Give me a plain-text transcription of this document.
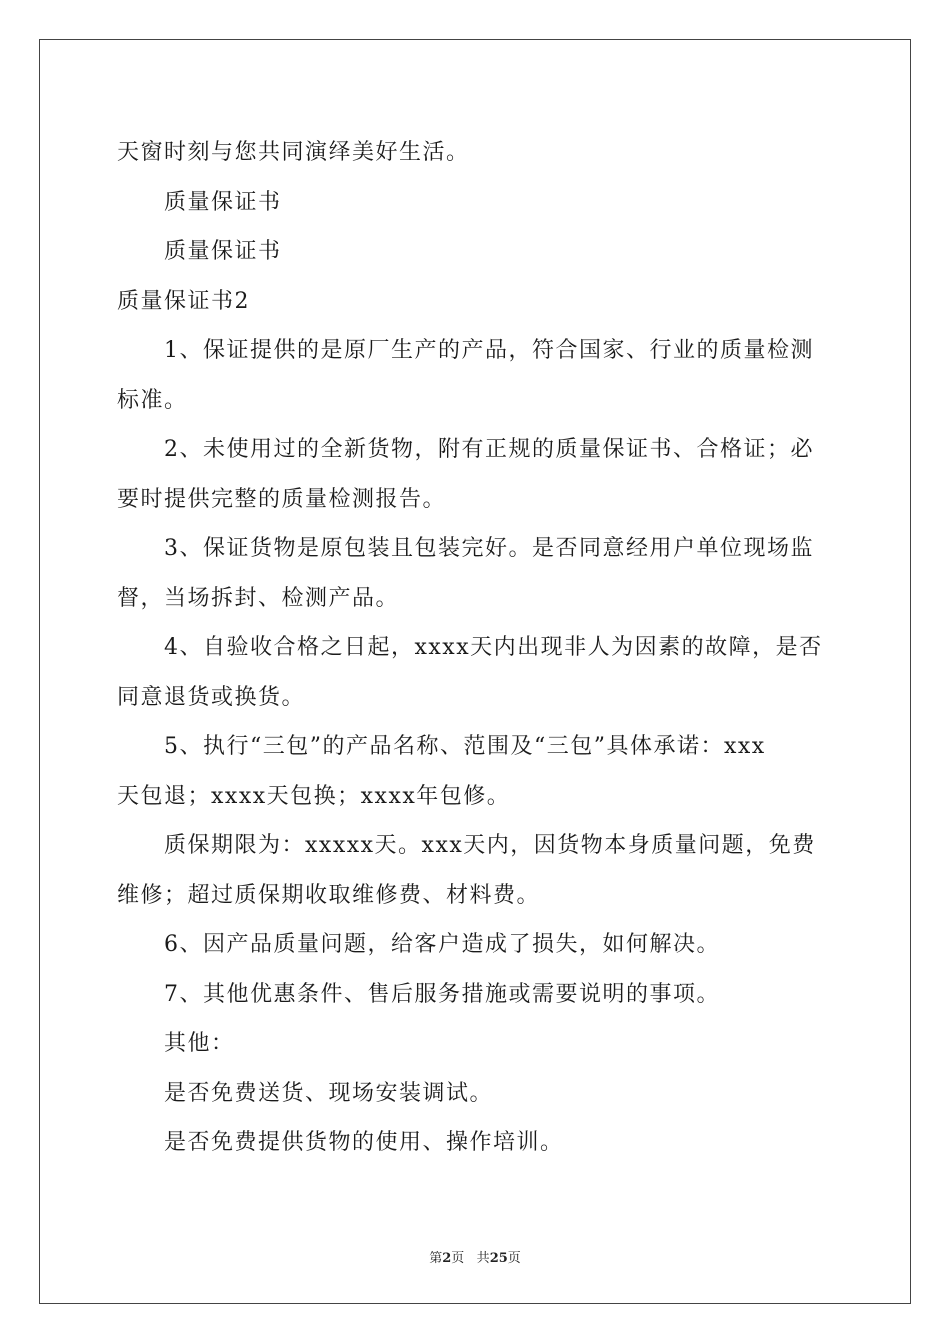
天窗时刻与您共同演绎美好生活。

质量保证书

质量保证书

质量保证书2

1、保证提供的是原厂生产的产品，符合国家、行业的质量检测

标准。

2、未使用过的全新货物，附有正规的质量保证书、合格证；必

要时提供完整的质量检测报告。

3、保证货物是原包装且包装完好。是否同意经用户单位现场监

督，当场拆封、检测产品。

4、自验收合格之日起，xxxx天内出现非人为因素的故障，是否

同意退货或换货。

5、执行“三包”的产品名称、范围及“三包”具体承诺：xxx

天包退；xxxx天包换；xxxx年包修。

质保期限为：xxxxx天。xxx天内，因货物本身质量问题，免费

维修；超过质保期收取维修费、材料费。

6、因产品质量问题，给客户造成了损失，如何解决。

7、其他优惠条件、售后服务措施或需要说明的事项。

其他：

是否免费送货、现场安装调试。

是否免费提供货物的使用、操作培训。

第2页 共25页
